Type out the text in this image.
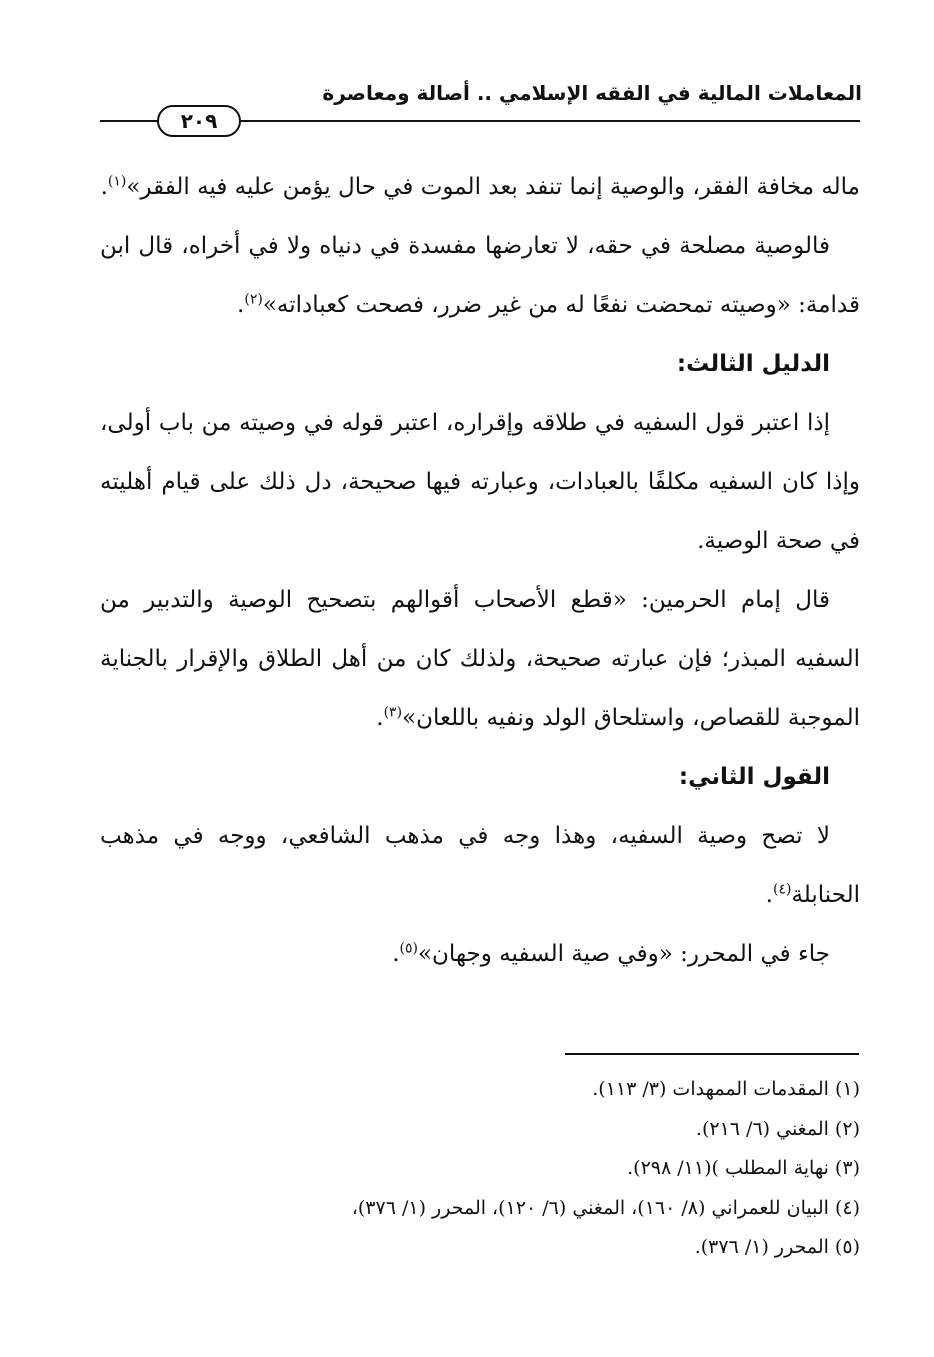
المعاملات المالية في الفقه الإسلامي .. أصالة ومعاصرة
٢٠٩

ماله مخافة الفقر، والوصية إنما تنفد بعد الموت في حال يؤمن عليه فيه الفقر»$^{(١)}$.

فالوصية مصلحة في حقه، لا تعارضها مفسدة في دنياه ولا في أخراه، قال ابن قدامة: «وصيته تمحضت نفعًا له من غير ضرر، فصحت كعباداته»$^{(٢)}$.

الدليل الثالث:

إذا اعتبر قول السفيه في طلاقه وإقراره، اعتبر قوله في وصيته من باب أولى، وإذا كان السفيه مكلفًا بالعبادات، وعبارته فيها صحيحة، دل ذلك على قيام أهليته في صحة الوصية.

قال إمام الحرمين: «قطع الأصحاب أقوالهم بتصحيح الوصية والتدبير من السفيه المبذر؛ فإن عبارته صحيحة، ولذلك كان من أهل الطلاق والإقرار بالجناية الموجبة للقصاص، واستلحاق الولد ونفيه باللعان»$^{(٣)}$.

القول الثاني:

لا تصح وصية السفيه، وهذا وجه في مذهب الشافعي، ووجه في مذهب الحنابلة$^{(٤)}$.

جاء في المحرر: «وفي صية السفيه وجهان»$^{(٥)}$.

(١) المقدمات الممهدات (٣/ ١١٣).
(٢) المغني (٦/ ٢١٦).
(٣) نهاية المطلب )(١١/ ٢٩٨).
(٤) البيان للعمراني (٨/ ١٦٠)، المغني (٦/ ١٢٠)، المحرر (١/ ٣٧٦)،
(٥) المحرر (١/ ٣٧٦).
